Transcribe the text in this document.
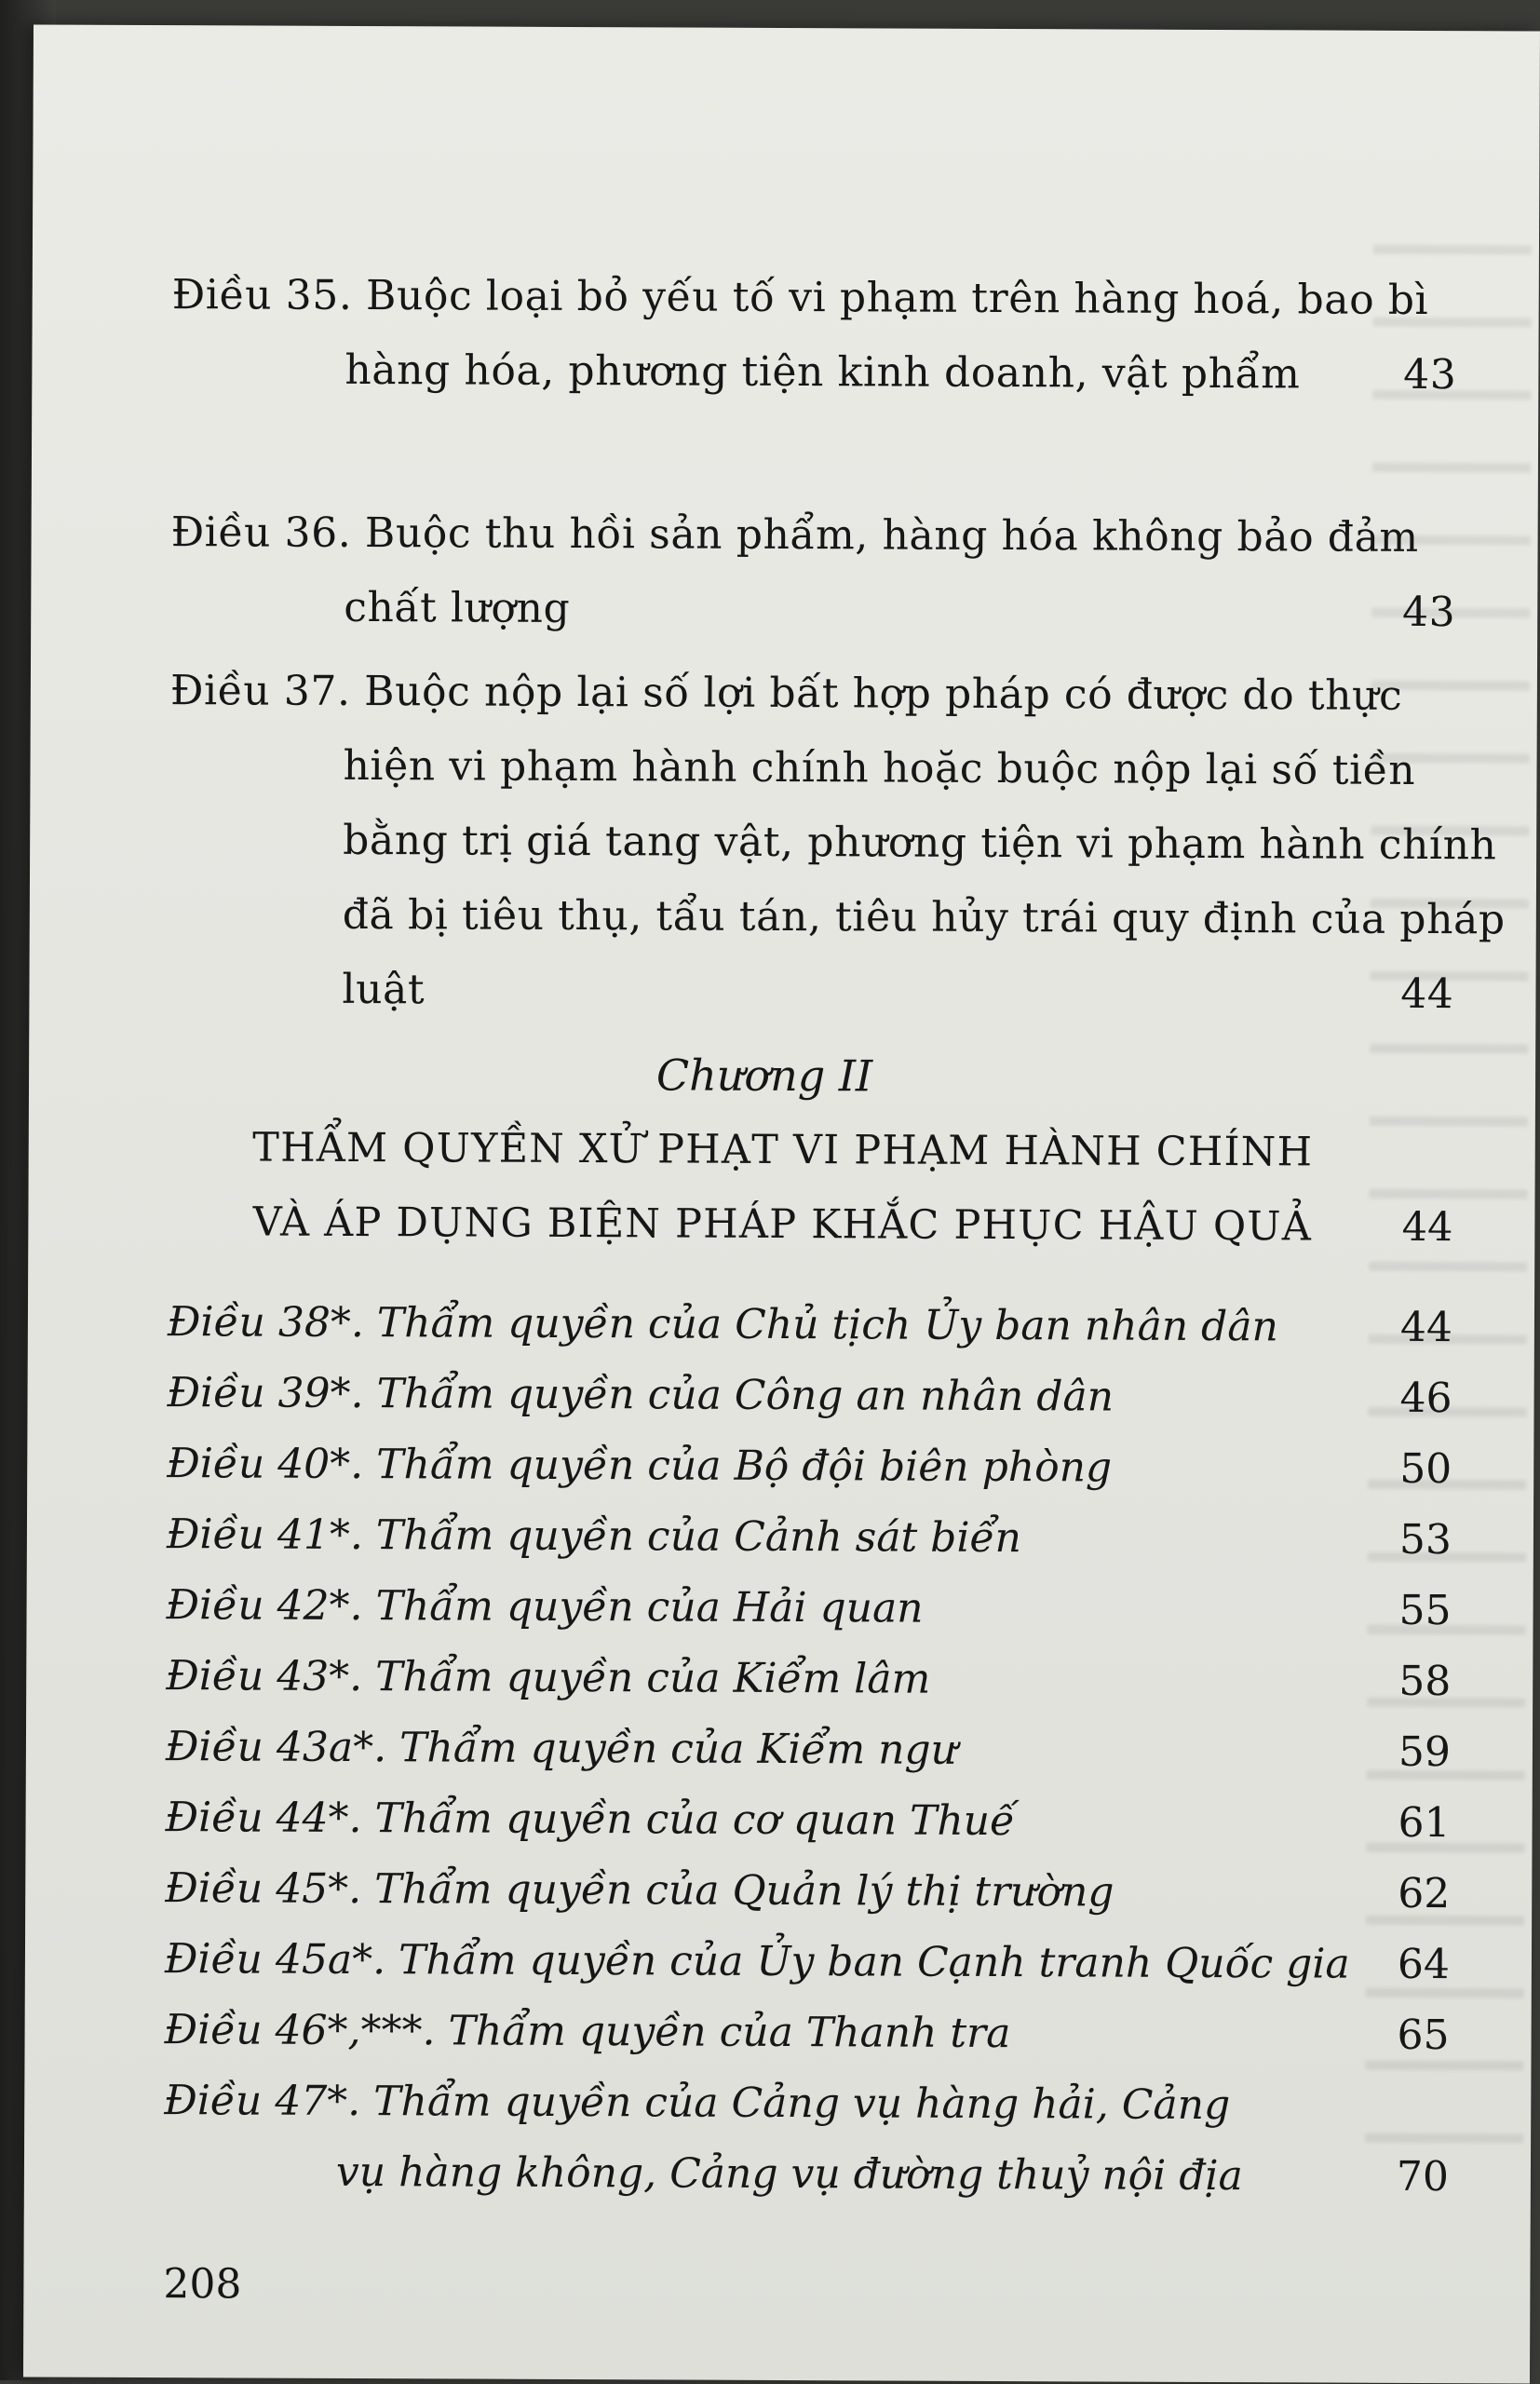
Điều 35. Buộc loại bỏ yếu tố vi phạm trên hàng hoá, bao bì hàng hóa, phương tiện kinh doanh, vật phẩm	43
Điều 36. Buộc thu hồi sản phẩm, hàng hóa không bảo đảm chất lượng	43
Điều 37. Buộc nộp lại số lợi bất hợp pháp có được do thực hiện vi phạm hành chính hoặc buộc nộp lại số tiền bằng trị giá tang vật, phương tiện vi phạm hành chính đã bị tiêu thụ, tẩu tán, tiêu hủy trái quy định của pháp luật	44
Chương II
THẨM QUYỀN XỬ PHẠT VI PHẠM HÀNH CHÍNH
VÀ ÁP DỤNG BIỆN PHÁP KHẮC PHỤC HẬU QUẢ	44
Điều 38*. Thẩm quyền của Chủ tịch Ủy ban nhân dân	44
Điều 39*. Thẩm quyền của Công an nhân dân	46
Điều 40*. Thẩm quyền của Bộ đội biên phòng	50
Điều 41*. Thẩm quyền của Cảnh sát biển	53
Điều 42*. Thẩm quyền của Hải quan	55
Điều 43*. Thẩm quyền của Kiểm lâm	58
Điều 43a*. Thẩm quyền của Kiểm ngư	59
Điều 44*. Thẩm quyền của cơ quan Thuế	61
Điều 45*. Thẩm quyền của Quản lý thị trường	62
Điều 45a*. Thẩm quyền của Ủy ban Cạnh tranh Quốc gia 64
Điều 46*,***. Thẩm quyền của Thanh tra	65
Điều 47*. Thẩm quyền của Cảng vụ hàng hải, Cảng
vụ hàng không, Cảng vụ đường thuỷ nội địa	70
208
